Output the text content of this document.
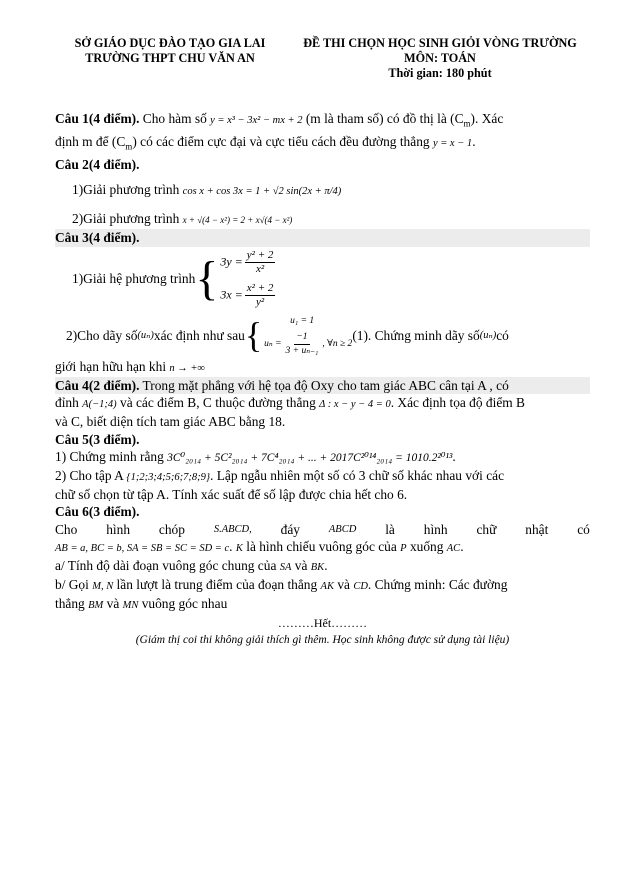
SỞ GIÁO DỤC ĐÀO TẠO GIA LAI
TRƯỜNG THPT CHU VĂN AN
ĐỀ THI CHỌN HỌC SINH GIỎI VÒNG TRƯỜNG
MÔN: TOÁN
Thời gian: 180 phút

Câu 1(4 điểm). Cho hàm số y = x³ − 3x² − mx + 2 (m là tham số) có đồ thị là $(C_m)$. Xác

định m để $(C_m)$ có các điểm cực đại và cực tiểu cách đều đường thẳng y = x − 1.

Câu 2(4 điểm).

1)Giải phương trình cos x + cos 3x = 1 + √2 sin(2x + π/4)

2)Giải phương trình x + √(4 − x²) = 2 + x√(4 − x²)

Câu 3(4 điểm).

1)Giải hệ phương trình { $3y = \frac{\text{y² + 2}}{\text{x²}}$
$3x = \frac{\text{x² + 2}}{\text{y²}}$
2)Cho dãy số (uₙ) xác định như sau {	u₁ = 1
$u_n = \frac{-1}{\text{3 + uₙ₋₁}}$ , ∀n ≥ 2
(1). Chứng minh dãy số (uₙ) có

giới hạn hữu hạn khi n → +∞

Câu 4(2 điểm). Trong mặt phẳng với hệ tọa độ Oxy cho tam giác ABC cân tại A , có

đỉnh A(−1;4) và các điểm B, C thuộc đường thẳng Δ : x − y − 4 = 0. Xác định tọa độ điểm B

và C, biết diện tích tam giác ABC bằng 18.

Câu 5(3 điểm).

1) Chứng minh rằng 3C⁰₂₀₁₄ + 5C²₂₀₁₄ + 7C⁴₂₀₁₄ + ... + 2017C²⁰¹⁴₂₀₁₄ = 1010.2²⁰¹³.

2) Cho tập A {1;2;3;4;5;6;7;8;9}. Lập ngẫu nhiên một số có 3 chữ số khác nhau với các

chữ số chọn từ tập A. Tính xác suất để số lập được chia hết cho 6.

Câu 6(3 điểm).

Cho hình chóp	S.ABCD, đáy	ABCD là hình chữ nhật có

AB = a, BC = b, SA = SB = SC = SD = c. K là hình chiếu vuông góc của P xuống AC.

a/ Tính độ dài đoạn vuông góc chung của SA và BK.

b/ Gọi M, N lần lượt là trung điểm của đoạn thẳng AK và CD. Chứng minh: Các đường

thẳng BM và MN vuông góc nhau

………Hết………

(Giám thị coi thi không giải thích gì thêm. Học sinh không được sử dụng tài liệu)
